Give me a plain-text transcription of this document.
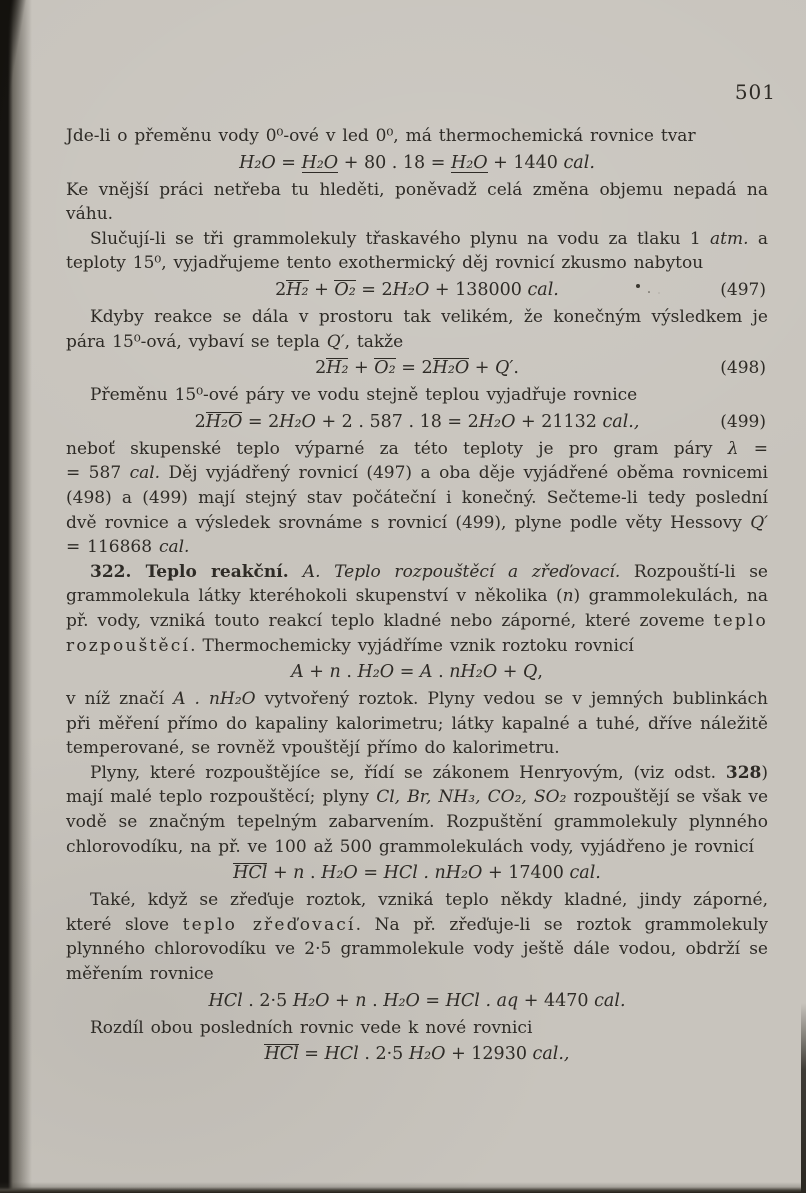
501

Jde-li o přeměnu vody 0⁰-ové v led 0⁰, má thermochemická rovnice tvar

H₂O = H₂O + 80 . 18 = H₂O + 1440 cal.

Ke vnější práci netřeba tu hleděti, poněvadž celá změna objemu nepadá na váhu.

Slučují-li se tři grammolekuly třaskavého plynu na vodu za tlaku 1 atm. a teploty 15⁰, vyjadřujeme tento exothermický děj rovnicí zkusmo nabytou

2H₂ + O₂ = 2H₂O + 138000 cal.	(497)

Kdyby reakce se dála v prostoru tak velikém, že konečným výsledkem je pára 15⁰-ová, vybaví se tepla Q′, takže

2H₂ + O₂ = 2H₂O + Q′.	(498)

Přeměnu 15⁰-ové páry ve vodu stejně teplou vyjadřuje rovnice

2H₂O = 2H₂O + 2 . 587 . 18 = 2H₂O + 21132 cal.,	(499)

neboť skupenské teplo výparné za této teploty je pro gram páry λ =

= 587 cal. Děj vyjádřený rovnicí (497) a oba děje vyjádřené oběma rovnicemi (498) a (499) mají stejný stav počáteční i konečný. Sečteme-li tedy poslední dvě rovnice a výsledek srovnáme s rovnicí (499), plyne podle věty Hessovy Q′ = 116868 cal.

322. Teplo reakční. A. Teplo rozpouštěcí a zřeďovací. Rozpouští-li se grammolekula látky kteréhokoli skupenství v několika (n) grammolekulách, na př. vody, vzniká touto reakcí teplo kladné nebo záporné, které zoveme teplo rozpouštěcí. Thermochemicky vyjádříme vznik roztoku rovnicí

A + n . H₂O = A . nH₂O + Q,

v níž značí A . nH₂O vytvořený roztok. Plyny vedou se v jemných bublinkách při měření přímo do kapaliny kalorimetru; látky kapalné a tuhé, dříve náležitě temperované, se rovněž vpouštějí přímo do kalorimetru.

Plyny, které rozpouštějíce se, řídí se zákonem Henryovým, (viz odst. 328) mají malé teplo rozpouštěcí; plyny Cl, Br, NH₃, CO₂, SO₂ rozpouštějí se však ve vodě se značným tepelným zabarvením. Rozpuštění grammolekuly plynného chlorovodíku, na př. ve 100 až 500 grammolekulách vody, vyjádřeno je rovnicí

HCl + n . H₂O = HCl . nH₂O + 17400 cal.

Také, když se zřeďuje roztok, vzniká teplo někdy kladné, jindy záporné, které slove teplo zřeďovací. Na př. zřeďuje-li se roztok grammolekuly plynného chlorovodíku ve 2·5 grammolekule vody ještě dále vodou, obdrží se měřením rovnice

HCl . 2·5 H₂O + n . H₂O = HCl . aq + 4470 cal.

Rozdíl obou posledních rovnic vede k nové rovnici

HCl = HCl . 2·5 H₂O + 12930 cal.,
